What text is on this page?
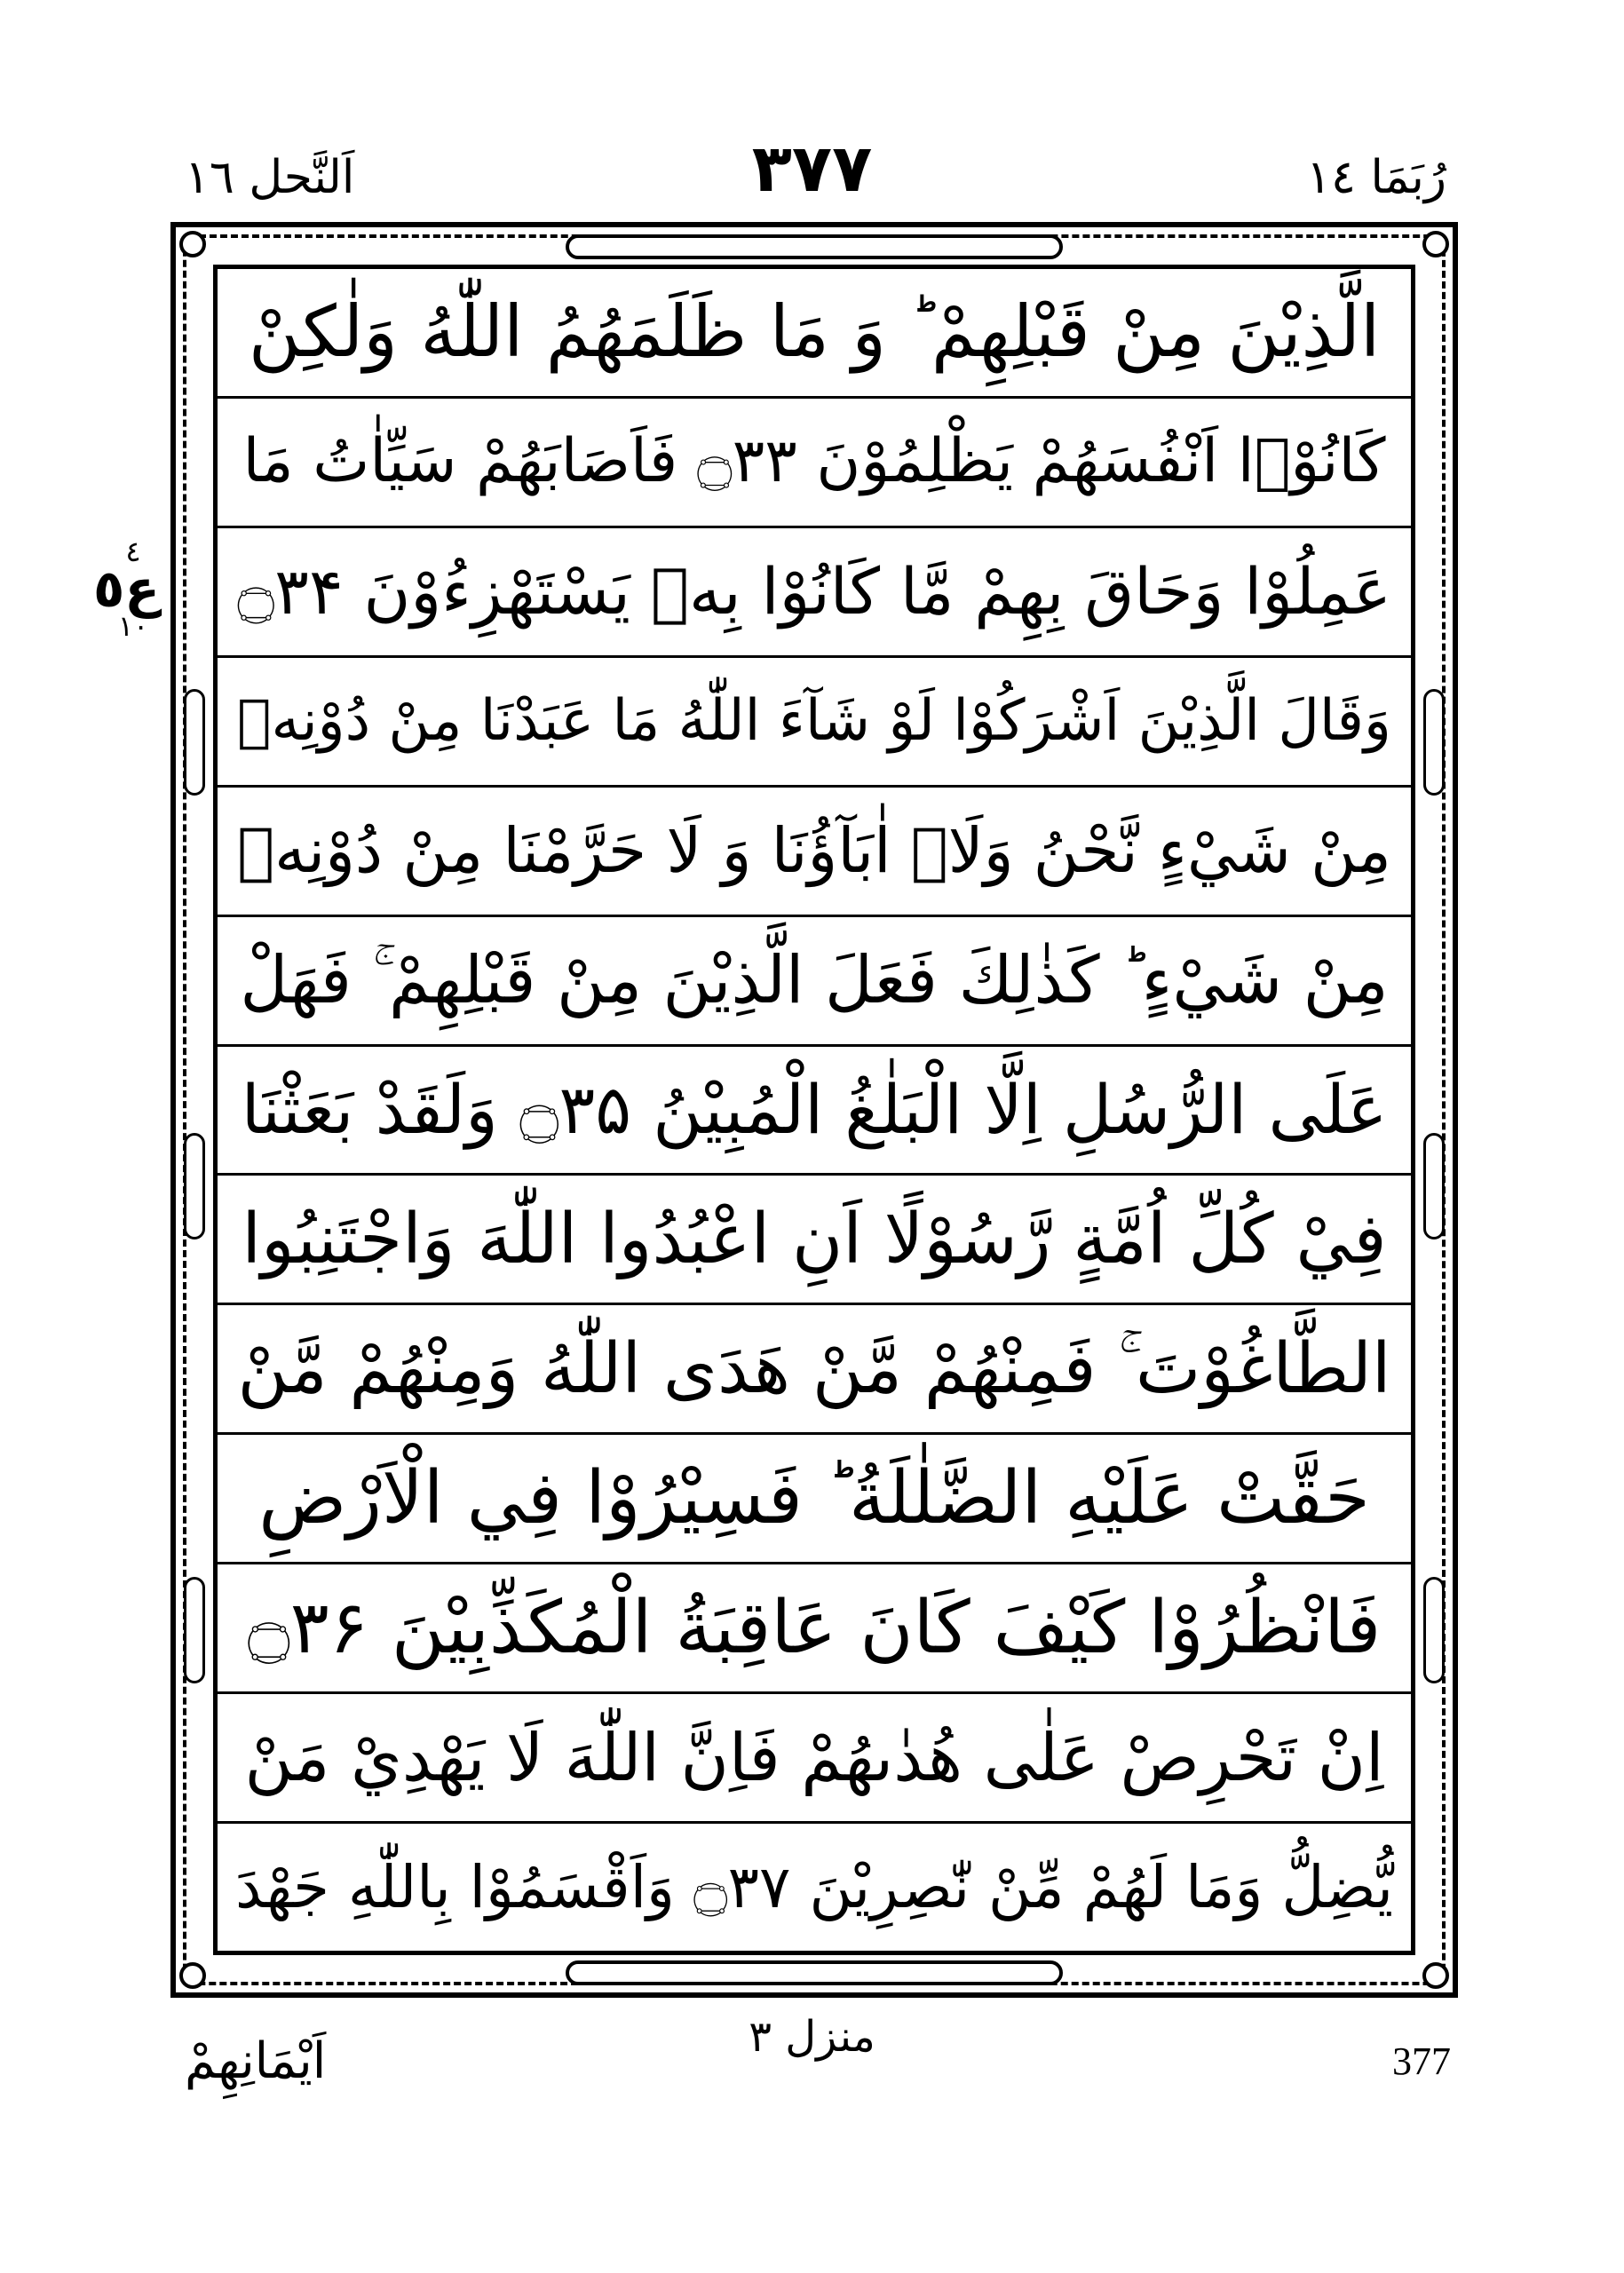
اَلنَّحل ١٦	٣٧٧	رُبَمَا ١٤
٤
ع٥
١٠
الَّذِيْنَ مِنْ قَبْلِهِمْ ؕ وَ مَا ظَلَمَهُمُ اللّٰهُ وَلٰكِنْ
كَانُوْۤا اَنْفُسَهُمْ يَظْلِمُوْنَ ۝۳۳ فَاَصَابَهُمْ سَيِّاٰتُ مَا
عَمِلُوْا وَحَاقَ بِهِمْ مَّا كَانُوْا بِهٖ يَسْتَهْزِءُوْنَ ۝۳۴
وَقَالَ الَّذِيْنَ اَشْرَكُوْا لَوْ شَآءَ اللّٰهُ مَا عَبَدْنَا مِنْ دُوْنِهٖ
مِنْ شَيْءٍ نَّحْنُ وَلَاۤ اٰبَآؤُنَا وَ لَا حَرَّمْنَا مِنْ دُوْنِهٖ
مِنْ شَيْءٍ ؕ كَذٰلِكَ فَعَلَ الَّذِيْنَ مِنْ قَبْلِهِمْ ۚ فَهَلْ
عَلَى الرُّسُلِ اِلَّا الْبَلٰغُ الْمُبِيْنُ ۝۳۵ وَلَقَدْ بَعَثْنَا
فِيْ كُلِّ اُمَّةٍ رَّسُوْلًا اَنِ اعْبُدُوا اللّٰهَ وَاجْتَنِبُوا
الطَّاغُوْتَ ۚ فَمِنْهُمْ مَّنْ هَدَى اللّٰهُ وَمِنْهُمْ مَّنْ
حَقَّتْ عَلَيْهِ الضَّلٰلَةُ ؕ فَسِيْرُوْا فِي الْاَرْضِ
فَانْظُرُوْا كَيْفَ كَانَ عَاقِبَةُ الْمُكَذِّبِيْنَ ۝۳۶
اِنْ تَحْرِصْ عَلٰى هُدٰىهُمْ فَاِنَّ اللّٰهَ لَا يَهْدِيْ مَنْ
يُّضِلُّ وَمَا لَهُمْ مِّنْ نّٰصِرِيْنَ ۝۳۷ وَاَقْسَمُوْا بِاللّٰهِ جَهْدَ
اَيْمَانِهِمْ	منزل ٣	377
